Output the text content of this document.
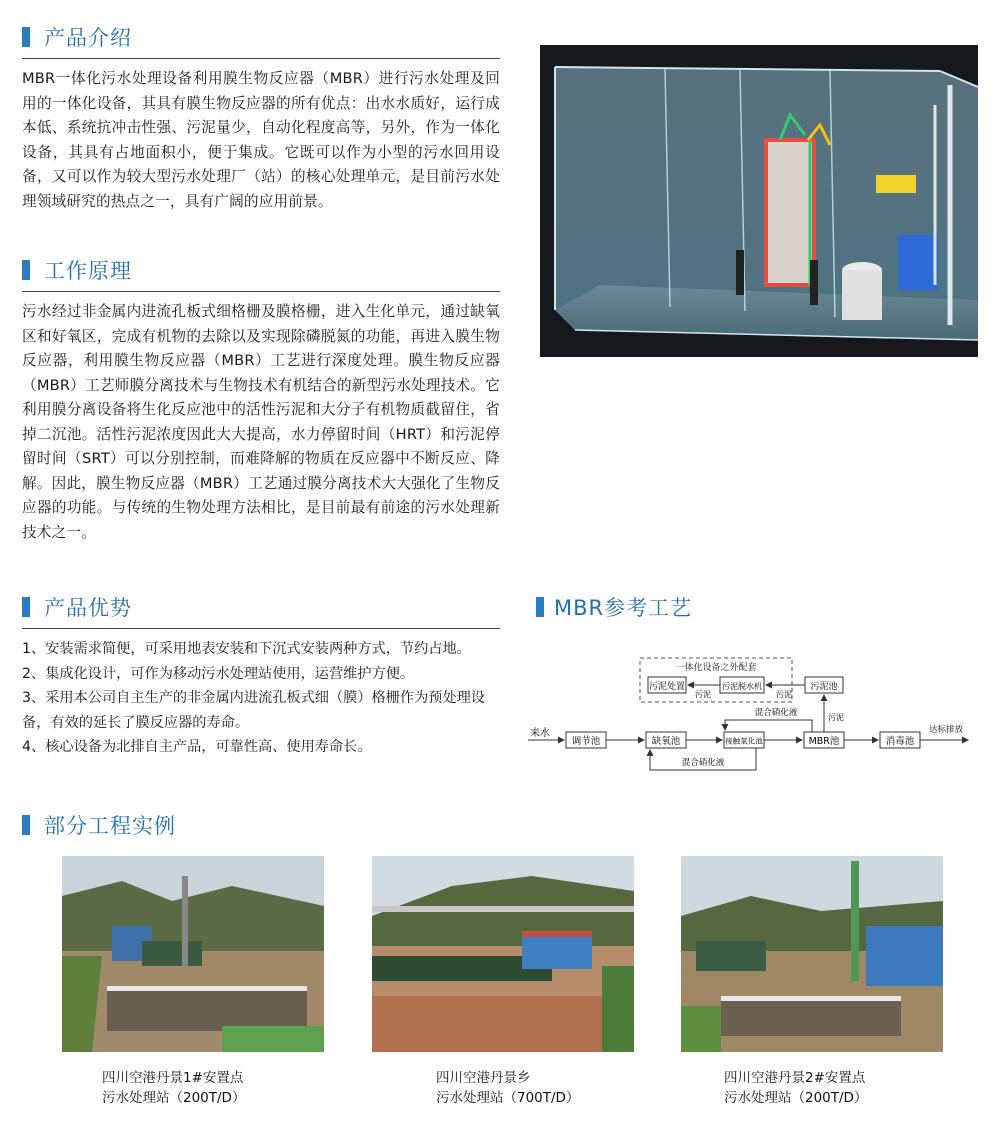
产品介绍

MBR一体化污水处理设备利用膜生物反应器（MBR）进行污水处理及回用的一体化设备，其具有膜生物反应器的所有优点：出水水质好，运行成本低、系统抗冲击性强、污泥量少，自动化程度高等，另外，作为一体化设备，其具有占地面积小，便于集成。它既可以作为小型的污水回用设备，又可以作为较大型污水处理厂（站）的核心处理单元，是目前污水处理领域研究的热点之一，具有广阔的应用前景。

工作原理

污水经过非金属内进流孔板式细格栅及膜格栅，进入生化单元，通过缺氧区和好氧区，完成有机物的去除以及实现除磷脱氮的功能，再进入膜生物反应器，利用膜生物反应器（MBR）工艺进行深度处理。膜生物反应器（MBR）工艺师膜分离技术与生物技术有机结合的新型污水处理技术。它利用膜分离设备将生化反应池中的活性污泥和大分子有机物质截留住，省掉二沉池。活性污泥浓度因此大大提高，水力停留时间（HRT）和污泥停留时间（SRT）可以分别控制，而难降解的物质在反应器中不断反应、降解。因此，膜生物反应器（MBR）工艺通过膜分离技术大大强化了生物反应器的功能。与传统的生物处理方法相比，是目前最有前途的污水处理新技术之一。

产品优势

1、安装需求简便，可采用地表安装和下沉式安装两种方式，节约占地。

2、集成化设计，可作为移动污水处理站使用，运营维护方便。

3、采用本公司自主生产的非金属内进流孔板式细（膜）格栅作为预处理设备，有效的延长了膜反应器的寿命。

4、核心设备为北排自主产品，可靠性高、使用寿命长。

MBR参考工艺
一体化设备之外配套
污泥处置	污泥脱水机	污泥池
污泥	污泥
来水
调节池	缺氧池	接触氧化池	MBR池	消毒池
达标排放
污泥
混合硝化液
混合硝化液
部分工程实例
四川空港丹景1#安置点
污水处理站（200T/D）
四川空港丹景乡
污水处理站（700T/D）
四川空港丹景2#安置点
污水处理站（200T/D）
